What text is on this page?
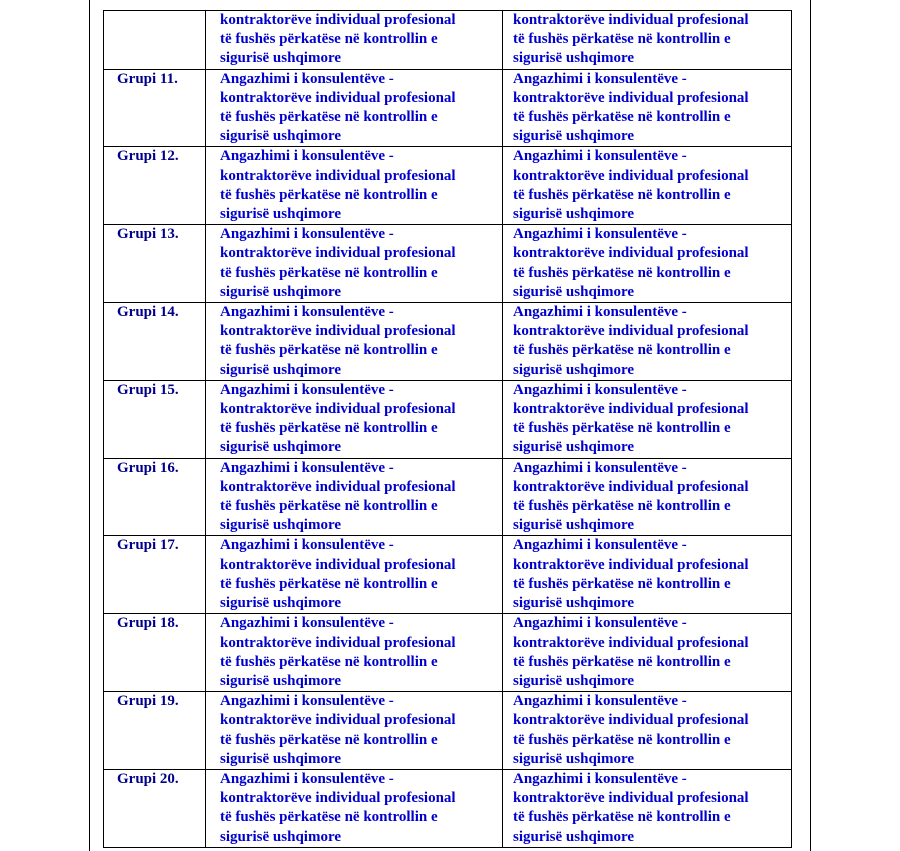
	kontraktorëve individual profesional
të fushës përkatëse në kontrollin e
sigurisë ushqimore	kontraktorëve individual profesional
të fushës përkatëse në kontrollin e
sigurisë ushqimore

Grupi 11.	Angazhimi i konsulentëve -
kontraktorëve individual profesional
të fushës përkatëse në kontrollin e
sigurisë ushqimore	Angazhimi i konsulentëve -
kontraktorëve individual profesional
të fushës përkatëse në kontrollin e
sigurisë ushqimore

Grupi 12.	Angazhimi i konsulentëve -
kontraktorëve individual profesional
të fushës përkatëse në kontrollin e
sigurisë ushqimore	Angazhimi i konsulentëve -
kontraktorëve individual profesional
të fushës përkatëse në kontrollin e
sigurisë ushqimore

Grupi 13.	Angazhimi i konsulentëve -
kontraktorëve individual profesional
të fushës përkatëse në kontrollin e
sigurisë ushqimore	Angazhimi i konsulentëve -
kontraktorëve individual profesional
të fushës përkatëse në kontrollin e
sigurisë ushqimore

Grupi 14.	Angazhimi i konsulentëve -
kontraktorëve individual profesional
të fushës përkatëse në kontrollin e
sigurisë ushqimore	Angazhimi i konsulentëve -
kontraktorëve individual profesional
të fushës përkatëse në kontrollin e
sigurisë ushqimore

Grupi 15.	Angazhimi i konsulentëve -
kontraktorëve individual profesional
të fushës përkatëse në kontrollin e
sigurisë ushqimore	Angazhimi i konsulentëve -
kontraktorëve individual profesional
të fushës përkatëse në kontrollin e
sigurisë ushqimore

Grupi 16.	Angazhimi i konsulentëve -
kontraktorëve individual profesional
të fushës përkatëse në kontrollin e
sigurisë ushqimore	Angazhimi i konsulentëve -
kontraktorëve individual profesional
të fushës përkatëse në kontrollin e
sigurisë ushqimore

Grupi 17.	Angazhimi i konsulentëve -
kontraktorëve individual profesional
të fushës përkatëse në kontrollin e
sigurisë ushqimore	Angazhimi i konsulentëve -
kontraktorëve individual profesional
të fushës përkatëse në kontrollin e
sigurisë ushqimore

Grupi 18.	Angazhimi i konsulentëve -
kontraktorëve individual profesional
të fushës përkatëse në kontrollin e
sigurisë ushqimore	Angazhimi i konsulentëve -
kontraktorëve individual profesional
të fushës përkatëse në kontrollin e
sigurisë ushqimore

Grupi 19.	Angazhimi i konsulentëve -
kontraktorëve individual profesional
të fushës përkatëse në kontrollin e
sigurisë ushqimore	Angazhimi i konsulentëve -
kontraktorëve individual profesional
të fushës përkatëse në kontrollin e
sigurisë ushqimore

Grupi 20.	Angazhimi i konsulentëve -
kontraktorëve individual profesional
të fushës përkatëse në kontrollin e
sigurisë ushqimore	Angazhimi i konsulentëve -
kontraktorëve individual profesional
të fushës përkatëse në kontrollin e
sigurisë ushqimore
